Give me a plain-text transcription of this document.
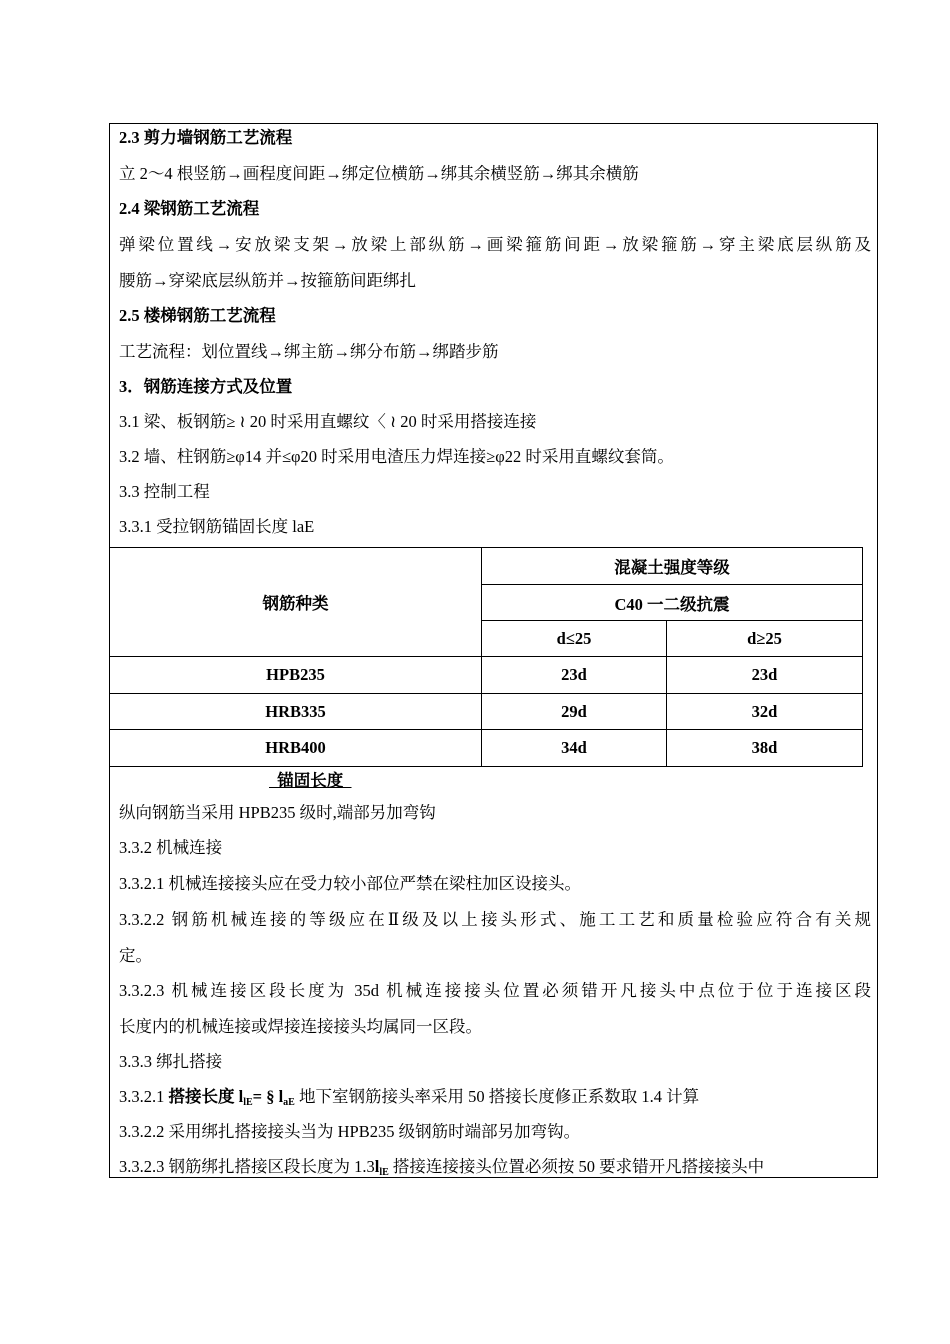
2.3 剪力墙钢筋工艺流程
立 2～4 根竖筋→画程度间距→绑定位横筋→绑其余横竖筋→绑其余横筋
2.4 梁钢筋工艺流程
弹梁位置线→安放梁支架→放梁上部纵筋→画梁箍筋间距→放梁箍筋→穿主梁底层纵筋及
腰筋→穿梁底层纵筋并→按箍筋间距绑扎
2.5 楼梯钢筋工艺流程
工艺流程：划位置线→绑主筋→绑分布筋→绑踏步筋
3．钢筋连接方式及位置
3.1 梁、板钢筋≥ ≀ 20 时采用直螺纹〈 ≀ 20 时采用搭接连接
3.2 墙、柱钢筋≥φ14 并≤φ20 时采用电渣压力焊连接≥φ22 时采用直螺纹套筒。
3.3 控制工程
3.3.1 受拉钢筋锚固长度 laE
钢筋种类	混凝土强度等级	
	C40 一二级抗震	
	d≤25	d≥25
HPB235	23d	23d
HRB335	29d	32d
HRB400	34d	38d
锚固长度
纵向钢筋当采用 HPB235 级时,端部另加弯钩
3.3.2 机械连接
3.3.2.1 机械连接接头应在受力较小部位严禁在梁柱加区设接头。
3.3.2.2 钢筋机械连接的等级应在Ⅱ级及以上接头形式、施工工艺和质量检验应符合有关规
定。
3.3.2.3 机械连接区段长度为 35d 机械连接接头位置必须错开凡接头中点位于位于连接区段
长度内的机械连接或焊接连接接头均属同一区段。
3.3.3 绑扎搭接
3.3.2.1 搭接长度 $l_{lE}=$ § $l_{aE}$ 地下室钢筋接头率采用 50 搭接长度修正系数取 1.4 计算
3.3.2.2 采用绑扎搭接接头当为 HPB235 级钢筋时端部另加弯钩。
3.3.2.3 钢筋绑扎搭接区段长度为 $1.3l_{lE}$ 搭接连接接头位置必须按 50 要求错开凡搭接接头中
